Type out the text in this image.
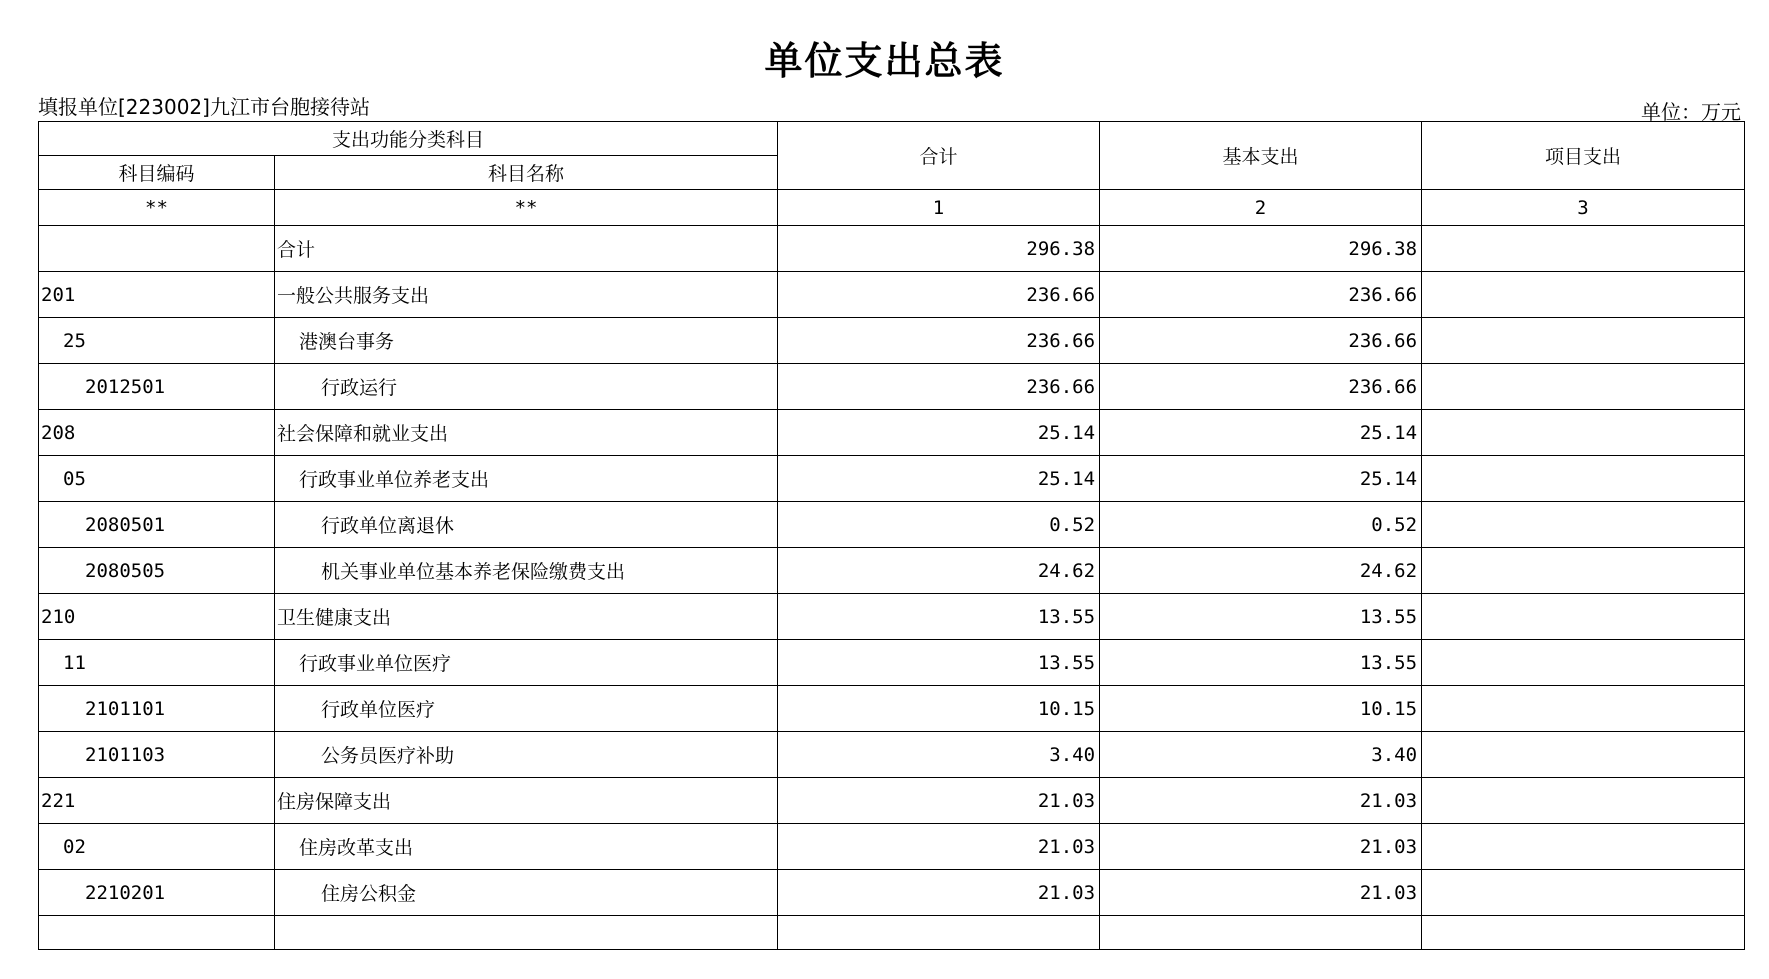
单位支出总表
填报单位[223002]九江市台胞接待站	单位：万元
支出功能分类科目		合计	基本支出	项目支出
科目编码	科目名称			
**	**	1	2	3
	合计	296.38	296.38	
201	一般公共服务支出	236.66	236.66	
25	港澳台事务	236.66	236.66	
2012501	行政运行	236.66	236.66	
208	社会保障和就业支出	25.14	25.14	
05	行政事业单位养老支出	25.14	25.14	
2080501	行政单位离退休	0.52	0.52	
2080505	机关事业单位基本养老保险缴费支出	24.62	24.62	
210	卫生健康支出	13.55	13.55	
11	行政事业单位医疗	13.55	13.55	
2101101	行政单位医疗	10.15	10.15	
2101103	公务员医疗补助	3.40	3.40	
221	住房保障支出	21.03	21.03	
02	住房改革支出	21.03	21.03	
2210201	住房公积金	21.03	21.03	
